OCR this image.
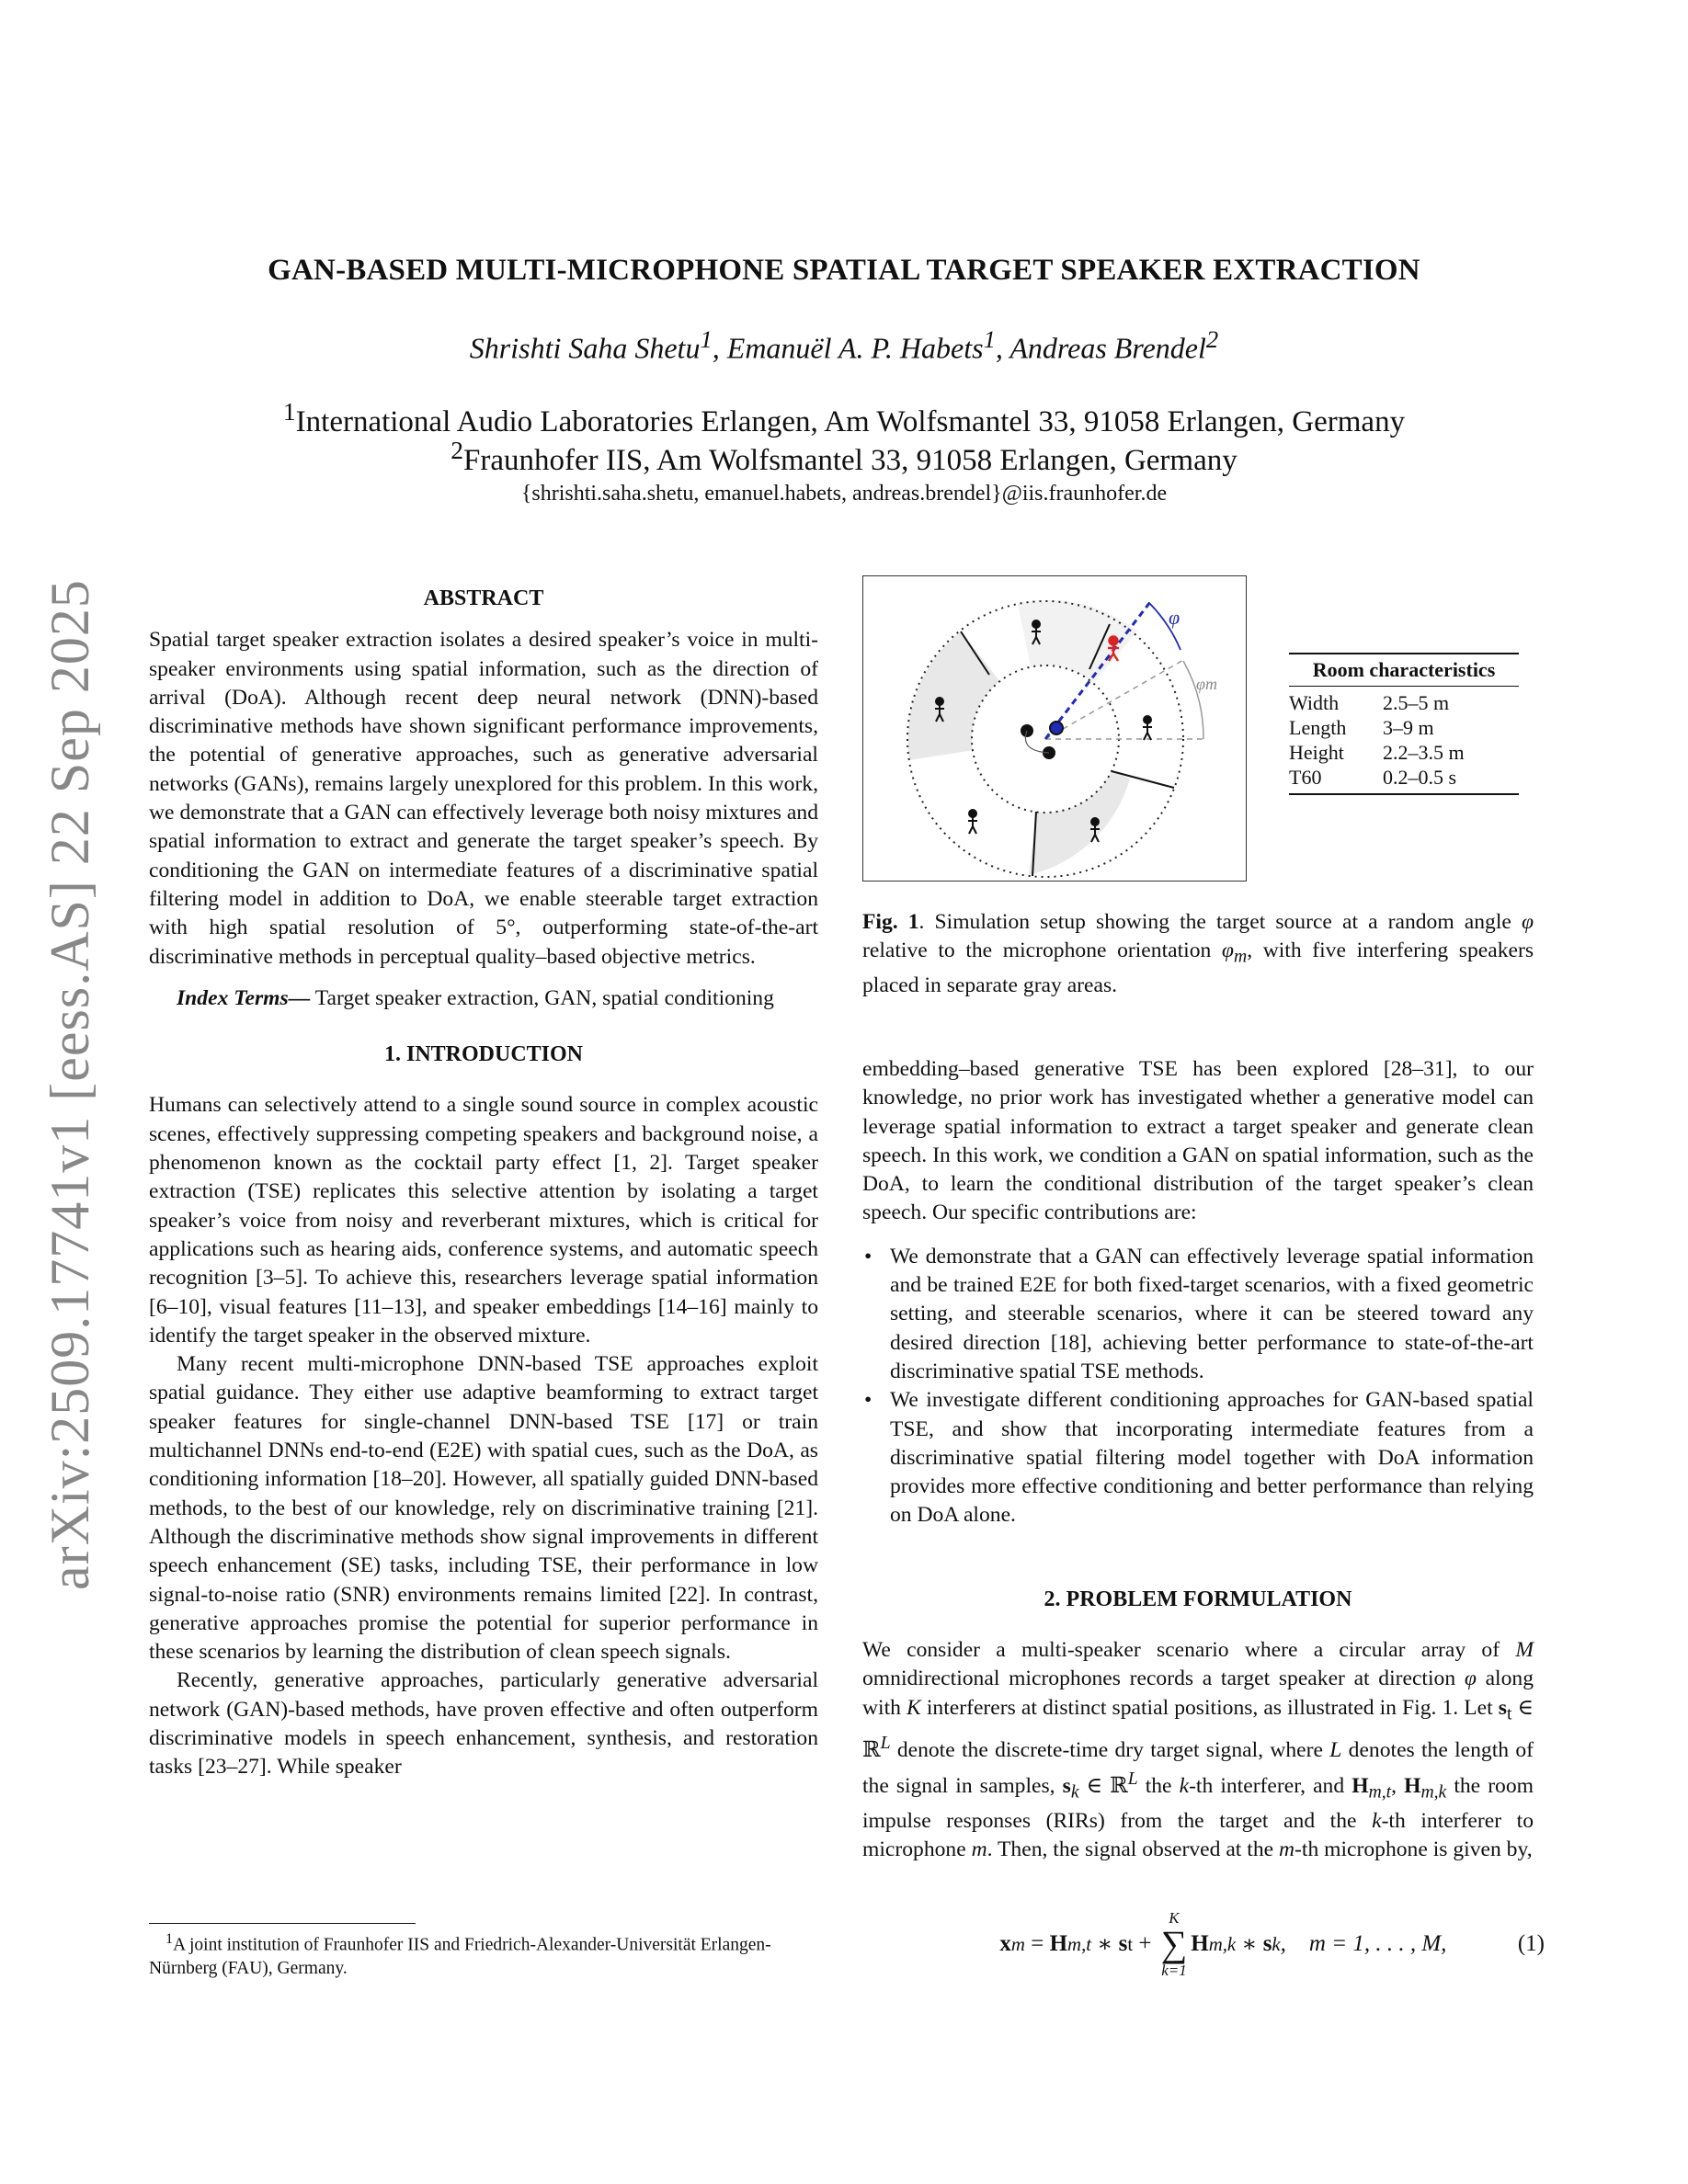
arXiv:2509.17741v1 [eess.AS] 22 Sep 2025
GAN-BASED MULTI-MICROPHONE SPATIAL TARGET SPEAKER EXTRACTION
Shrishti Saha Shetu$^1$, Emanuël A. P. Habets$^1$, Andreas Brendel$^2$
$^1$International Audio Laboratories Erlangen, Am Wolfsmantel 33, 91058 Erlangen, Germany
$^2$Fraunhofer IIS, Am Wolfsmantel 33, 91058 Erlangen, Germany
{shrishti.saha.shetu, emanuel.habets, andreas.brendel}@iis.fraunhofer.de
ABSTRACT

Spatial target speaker extraction isolates a desired speaker’s voice in multi-speaker environments using spatial information, such as the direction of arrival (DoA). Although recent deep neural network (DNN)-based discriminative methods have shown significant performance improvements, the potential of generative approaches, such as generative adversarial networks (GANs), remains largely unexplored for this problem. In this work, we demonstrate that a GAN can effectively leverage both noisy mixtures and spatial information to extract and generate the target speaker’s speech. By conditioning the GAN on intermediate features of a discriminative spatial filtering model in addition to DoA, we enable steerable target extraction with high spatial resolution of 5°, outperforming state-of-the-art discriminative methods in perceptual quality–based objective metrics.

Index Terms— Target speaker extraction, GAN, spatial conditioning

1. INTRODUCTION

Humans can selectively attend to a single sound source in complex acoustic scenes, effectively suppressing competing speakers and background noise, a phenomenon known as the cocktail party effect [1, 2]. Target speaker extraction (TSE) replicates this selective attention by isolating a target speaker’s voice from noisy and reverberant mixtures, which is critical for applications such as hearing aids, conference systems, and automatic speech recognition [3–5]. To achieve this, researchers leverage spatial information [6–10], visual features [11–13], and speaker embeddings [14–16] mainly to identify the target speaker in the observed mixture.

Many recent multi-microphone DNN-based TSE approaches exploit spatial guidance. They either use adaptive beamforming to extract target speaker features for single-channel DNN-based TSE [17] or train multichannel DNNs end-to-end (E2E) with spatial cues, such as the DoA, as conditioning information [18–20]. However, all spatially guided DNN-based methods, to the best of our knowledge, rely on discriminative training [21]. Although the discriminative methods show signal improvements in different speech enhancement (SE) tasks, including TSE, their performance in low signal-to-noise ratio (SNR) environments remains limited [22]. In contrast, generative approaches promise the potential for superior performance in these scenarios by learning the distribution of clean speech signals.

Recently, generative approaches, particularly generative adversarial network (GAN)-based methods, have proven effective and often outperform discriminative models in speech enhancement, synthesis, and restoration tasks [23–27]. While speaker

$^1$A joint institution of Fraunhofer IIS and Friedrich-Alexander-Universität Erlangen-Nürnberg (FAU), Germany.
φ
φm
Room characteristics
Width	2.5–5 m
Length	3–9 m
Height	2.2–3.5 m
T60	0.2–0.5 s

Fig. 1. Simulation setup showing the target source at a random angle φ relative to the microphone orientation $\varphi_m$, with five interfering speakers placed in separate gray areas.

embedding–based generative TSE has been explored [28–31], to our knowledge, no prior work has investigated whether a generative model can leverage spatial information to extract a target speaker and generate clean speech. In this work, we condition a GAN on spatial information, such as the DoA, to learn the conditional distribution of the target speaker’s clean speech. Our specific contributions are:

• We demonstrate that a GAN can effectively leverage spatial information and be trained E2E for both fixed-target scenarios, with a fixed geometric setting, and steerable scenarios, where it can be steered toward any desired direction [18], achieving better performance to state-of-the-art discriminative spatial TSE methods.
• We investigate different conditioning approaches for GAN-based spatial TSE, and show that incorporating intermediate features from a discriminative spatial filtering model together with DoA information provides more effective conditioning and better performance than relying on DoA alone.
2. PROBLEM FORMULATION

We consider a multi-speaker scenario where a circular array of M omnidirectional microphones records a target speaker at direction φ along with K interferers at distinct spatial positions, as illustrated in Fig. 1. Let $s_t$ ∈ ℝ$^L$ denote the discrete-time dry target signal, where L denotes the length of the signal in samples, $s_k$ ∈ ℝ$^L$ the k-th interferer, and $H_{m,t}$, $H_{m,k}$ the room impulse responses (RIRs) from the target and the k-th interferer to microphone m. Then, the signal observed at the m-th microphone is given by,

x m = H m,t ∗ s t +
K
∑
k=1
H m,k ∗ s k ,    m = 1, . . . , M,	(1)
